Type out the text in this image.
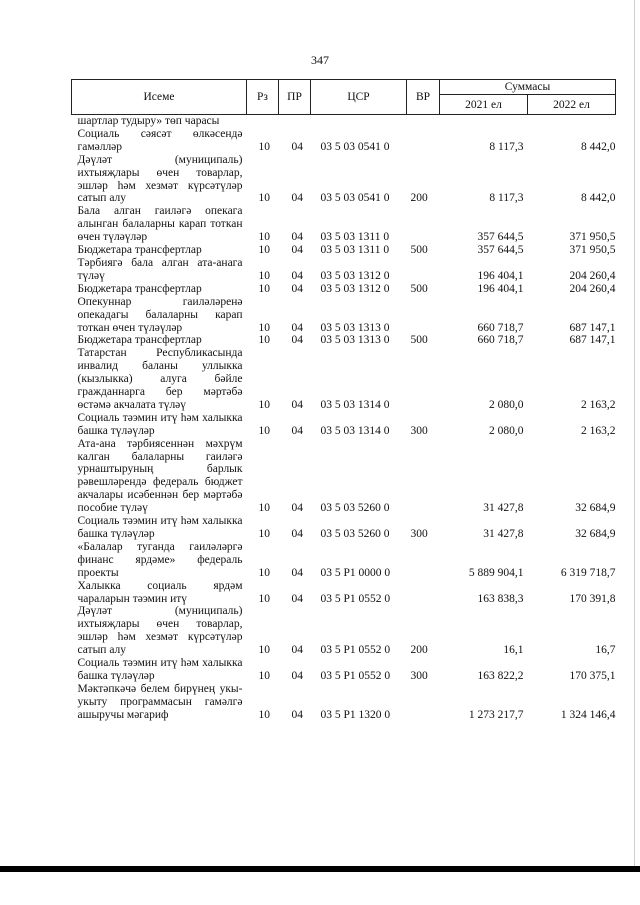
347
Исеме	Рз	ПР	ЦСР	ВР	Суммасы	
					2021 ел	2022 ел
шартлар тудыру» төп чарасы						
Социаль сәясәт өлкәсендә гамәлләр	10	04	03 5 03 0541 0		8 117,3	8 442,0
Дәүләт (муниципаль) ихтыяҗлары өчен товарлар, эшләр һәм хезмәт күрсәтүләр сатып алу	10	04	03 5 03 0541 0	200	8 117,3	8 442,0
Бала алган гаиләгә опекага алынган балаларны карап тоткан өчен түләүләр	10	04	03 5 03 1311 0		357 644,5	371 950,5
Бюджетара трансфертлар	10	04	03 5 03 1311 0	500	357 644,5	371 950,5
Тәрбиягә бала алган ата-анага түләү	10	04	03 5 03 1312 0		196 404,1	204 260,4
Бюджетара трансфертлар	10	04	03 5 03 1312 0	500	196 404,1	204 260,4
Опекуннар гаиләләренә опекадагы балаларны карап тоткан өчен түләүләр	10	04	03 5 03 1313 0		660 718,7	687 147,1
Бюджетара трансфертлар	10	04	03 5 03 1313 0	500	660 718,7	687 147,1
Татарстан Республикасында инвалид баланы уллыкка (кызлыкка) алуга бәйле гражданнарга бер мәртәбә өстәмә акчалата түләү	10	04	03 5 03 1314 0		2 080,0	2 163,2
Социаль тәэмин итү һәм халыкка башка түләүләр	10	04	03 5 03 1314 0	300	2 080,0	2 163,2
Ата-ана тәрбиясеннән мәхрүм калган балаларны гаиләгә урнаштыруның барлык рәвешләрендә федераль бюджет акчалары исәбеннән бер мәртәбә пособие түләү	10	04	03 5 03 5260 0		31 427,8	32 684,9
Социаль тәэмин итү һәм халыкка башка түләүләр	10	04	03 5 03 5260 0	300	31 427,8	32 684,9
«Балалар туганда гаиләләргә финанс ярдәме» федераль проекты	10	04	03 5 P1 0000 0		5 889 904,1	6 319 718,7
Халыкка социаль ярдәм чараларын тәэмин итү	10	04	03 5 P1 0552 0		163 838,3	170 391,8
Дәүләт (муниципаль) ихтыяҗлары өчен товарлар, эшләр һәм хезмәт күрсәтүләр сатып алу	10	04	03 5 P1 0552 0	200	16,1	16,7
Социаль тәэмин итү һәм халыкка башка түләүләр	10	04	03 5 P1 0552 0	300	163 822,2	170 375,1
Мәктәпкәчә белем бирүнең укы-укыту программасын гамәлгә ашыручы мәгариф	10	04	03 5 P1 1320 0		1 273 217,7	1 324 146,4
